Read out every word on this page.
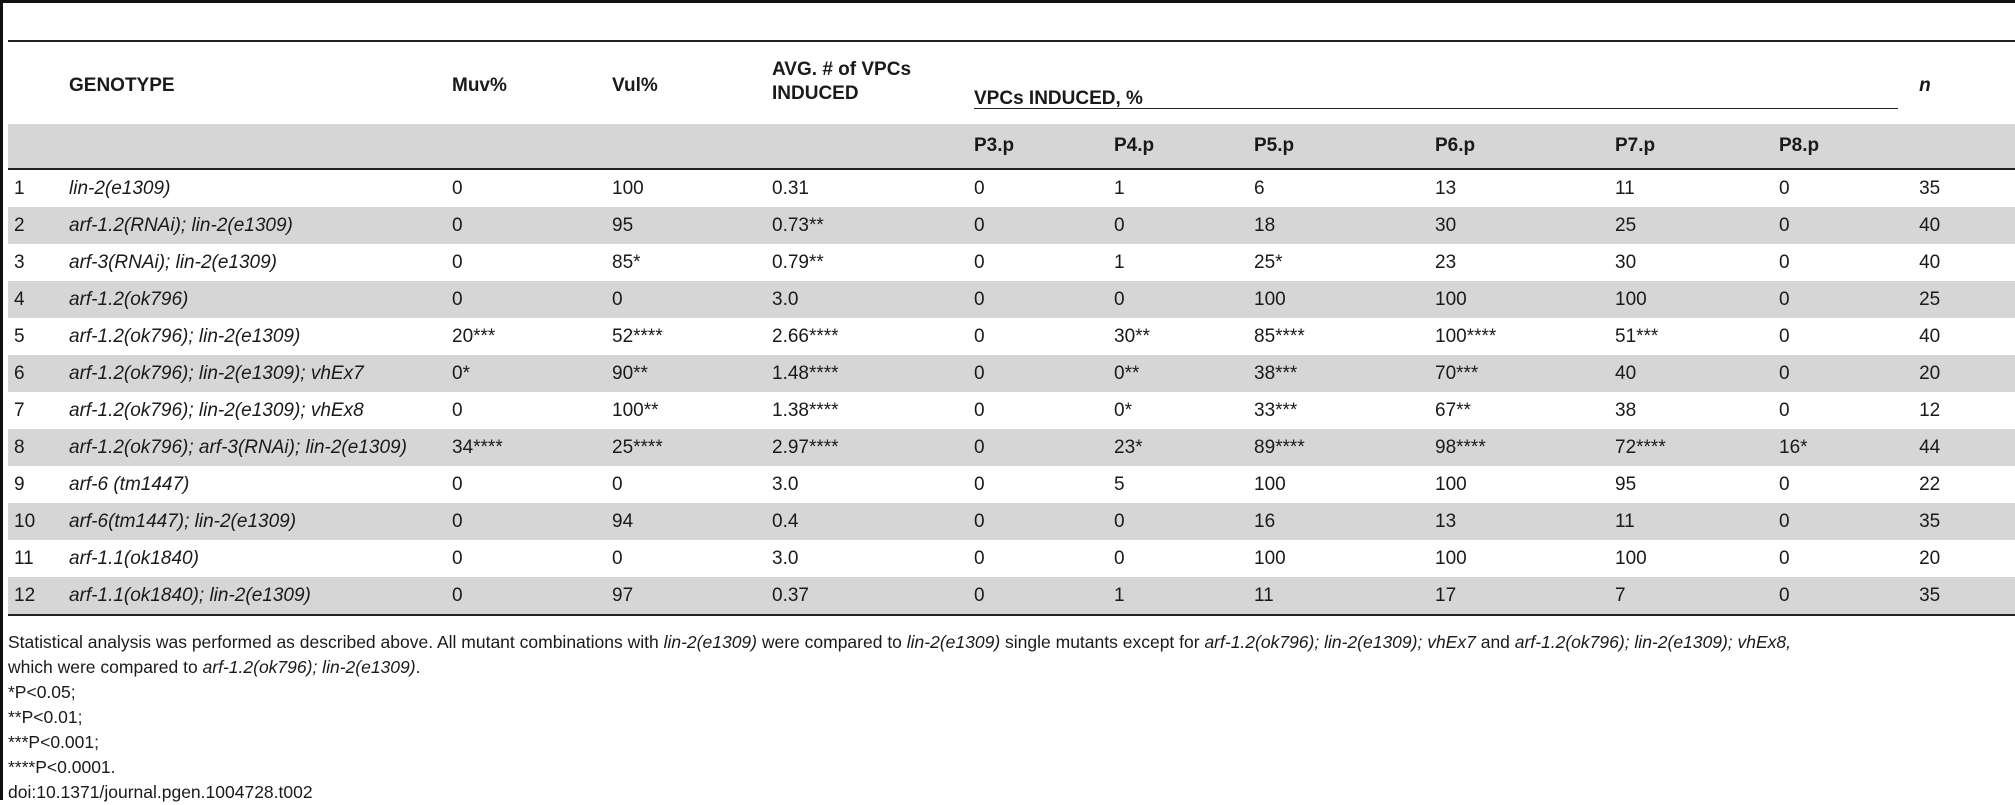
	GENOTYPE	Muv%	Vul%	AVG. # of VPCs INDUCED	VPCs INDUCED, %						n
					P3.p	P4.p	P5.p	P6.p	P7.p	P8.p	
1	lin-2(e1309)	0	100	0.31	0	1	6	13	11	0	35
2	arf-1.2(RNAi); lin-2(e1309)	0	95	0.73**	0	0	18	30	25	0	40
3	arf-3(RNAi); lin-2(e1309)	0	85*	0.79**	0	1	25*	23	30	0	40
4	arf-1.2(ok796)	0	0	3.0	0	0	100	100	100	0	25
5	arf-1.2(ok796); lin-2(e1309)	20***	52****	2.66****	0	30**	85****	100****	51***	0	40
6	arf-1.2(ok796); lin-2(e1309); vhEx7	0*	90**	1.48****	0	0**	38***	70***	40	0	20
7	arf-1.2(ok796); lin-2(e1309); vhEx8	0	100**	1.38****	0	0*	33***	67**	38	0	12
8	arf-1.2(ok796); arf-3(RNAi); lin-2(e1309)	34****	25****	2.97****	0	23*	89****	98****	72****	16*	44
9	arf-6 (tm1447)	0	0	3.0	0	5	100	100	95	0	22
10	arf-6(tm1447); lin-2(e1309)	0	94	0.4	0	0	16	13	11	0	35
11	arf-1.1(ok1840)	0	0	3.0	0	0	100	100	100	0	20
12	arf-1.1(ok1840); lin-2(e1309)	0	97	0.37	0	1	11	17	7	0	35
Statistical analysis was performed as described above. All mutant combinations with lin-2(e1309) were compared to lin-2(e1309) single mutants except for arf-1.2(ok796); lin-2(e1309); vhEx7 and arf-1.2(ok796); lin-2(e1309); vhEx8,
which were compared to arf-1.2(ok796); lin-2(e1309).
*P<0.05;
**P<0.01;
***P<0.001;
****P<0.0001.
doi:10.1371/journal.pgen.1004728.t002
